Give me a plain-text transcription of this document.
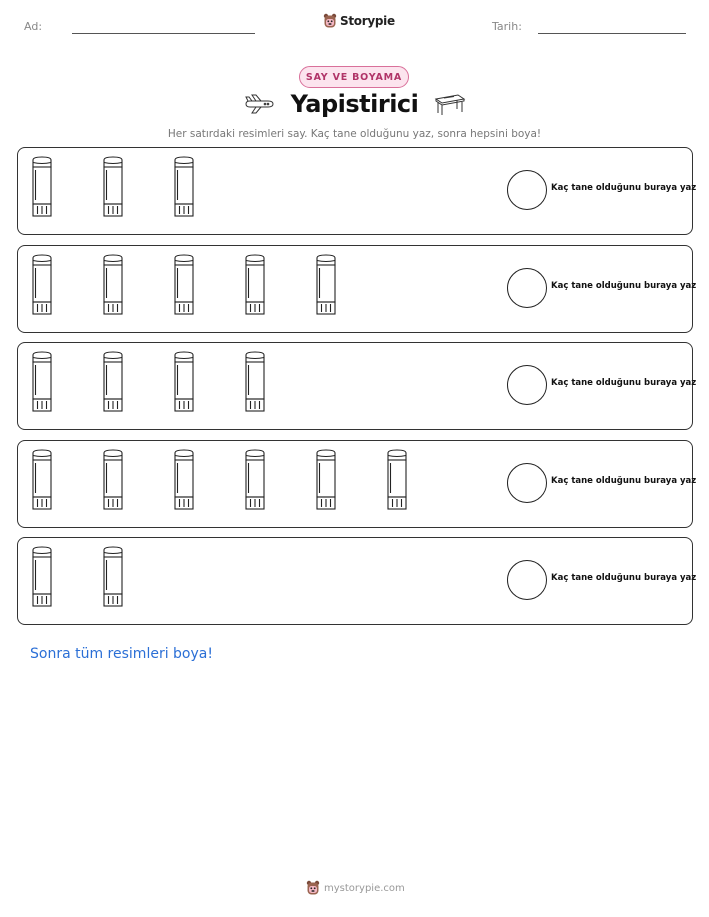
Ad:	Storypie	Tarih:
SAY VE BOYAMA
Yapistirici
Her satırdaki resimleri say. Kaç tane olduğunu yaz, sonra hepsini boya!
Kaç tane olduğunu buraya yaz
Kaç tane olduğunu buraya yaz
Kaç tane olduğunu buraya yaz
Kaç tane olduğunu buraya yaz
Kaç tane olduğunu buraya yaz
Sonra tüm resimleri boya!
mystorypie.com
